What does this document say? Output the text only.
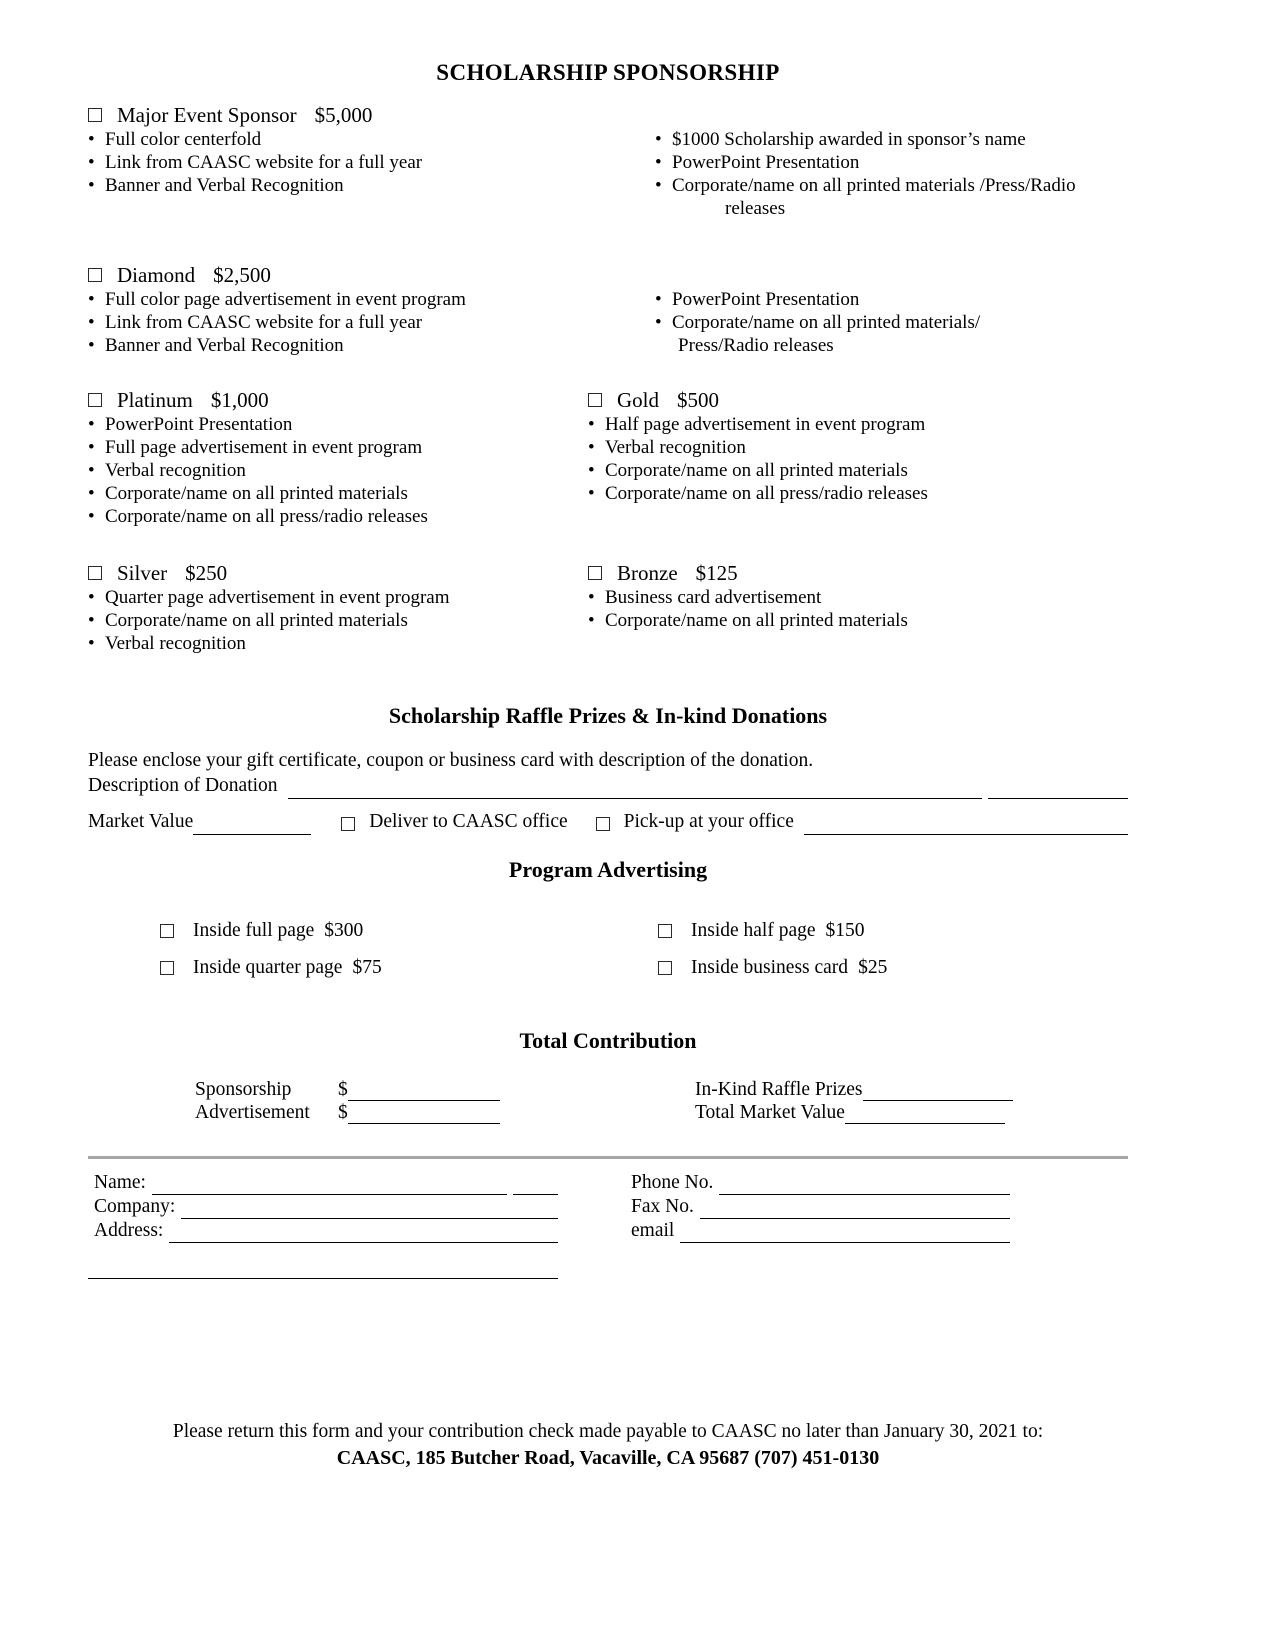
SCHOLARSHIP SPONSORSHIP
Major Event Sponsor $5,000
• Full color centerfold
• Link from CAASC website for a full year
• Banner and Verbal Recognition
• $1000 Scholarship awarded in sponsor’s name
• PowerPoint Presentation
• Corporate/name on all printed materials /Press/Radio
releases
Diamond $2,500
• Full color page advertisement in event program
• Link from CAASC website for a full year
• Banner and Verbal Recognition
• PowerPoint Presentation
• Corporate/name on all printed materials/
Press/Radio releases
Platinum $1,000
• PowerPoint Presentation
• Full page advertisement in event program
• Verbal recognition
• Corporate/name on all printed materials
• Corporate/name on all press/radio releases
Gold $500
• Half page advertisement in event program
• Verbal recognition
• Corporate/name on all printed materials
• Corporate/name on all press/radio releases
Silver $250
• Quarter page advertisement in event program
• Corporate/name on all printed materials
• Verbal recognition
Bronze $125
• Business card advertisement
• Corporate/name on all printed materials
Scholarship Raffle Prizes & In-kind Donations
Please enclose your gift certificate, coupon or business card with description of the donation.
Description of Donation
Market Value	Deliver to CAASC office	Pick-up at your office
Program Advertising
Inside full page $300	Inside half page $150
Inside quarter page $75	Inside business card $25
Total Contribution
Sponsorship	$
Advertisement	$
In-Kind Raffle Prizes
Total Market Value
Name:
Company:
Address:
Phone No.
Fax No.
email
Please return this form and your contribution check made payable to CAASC no later than January 30, 2021 to:
CAASC, 185 Butcher Road, Vacaville, CA 95687 (707) 451-0130
